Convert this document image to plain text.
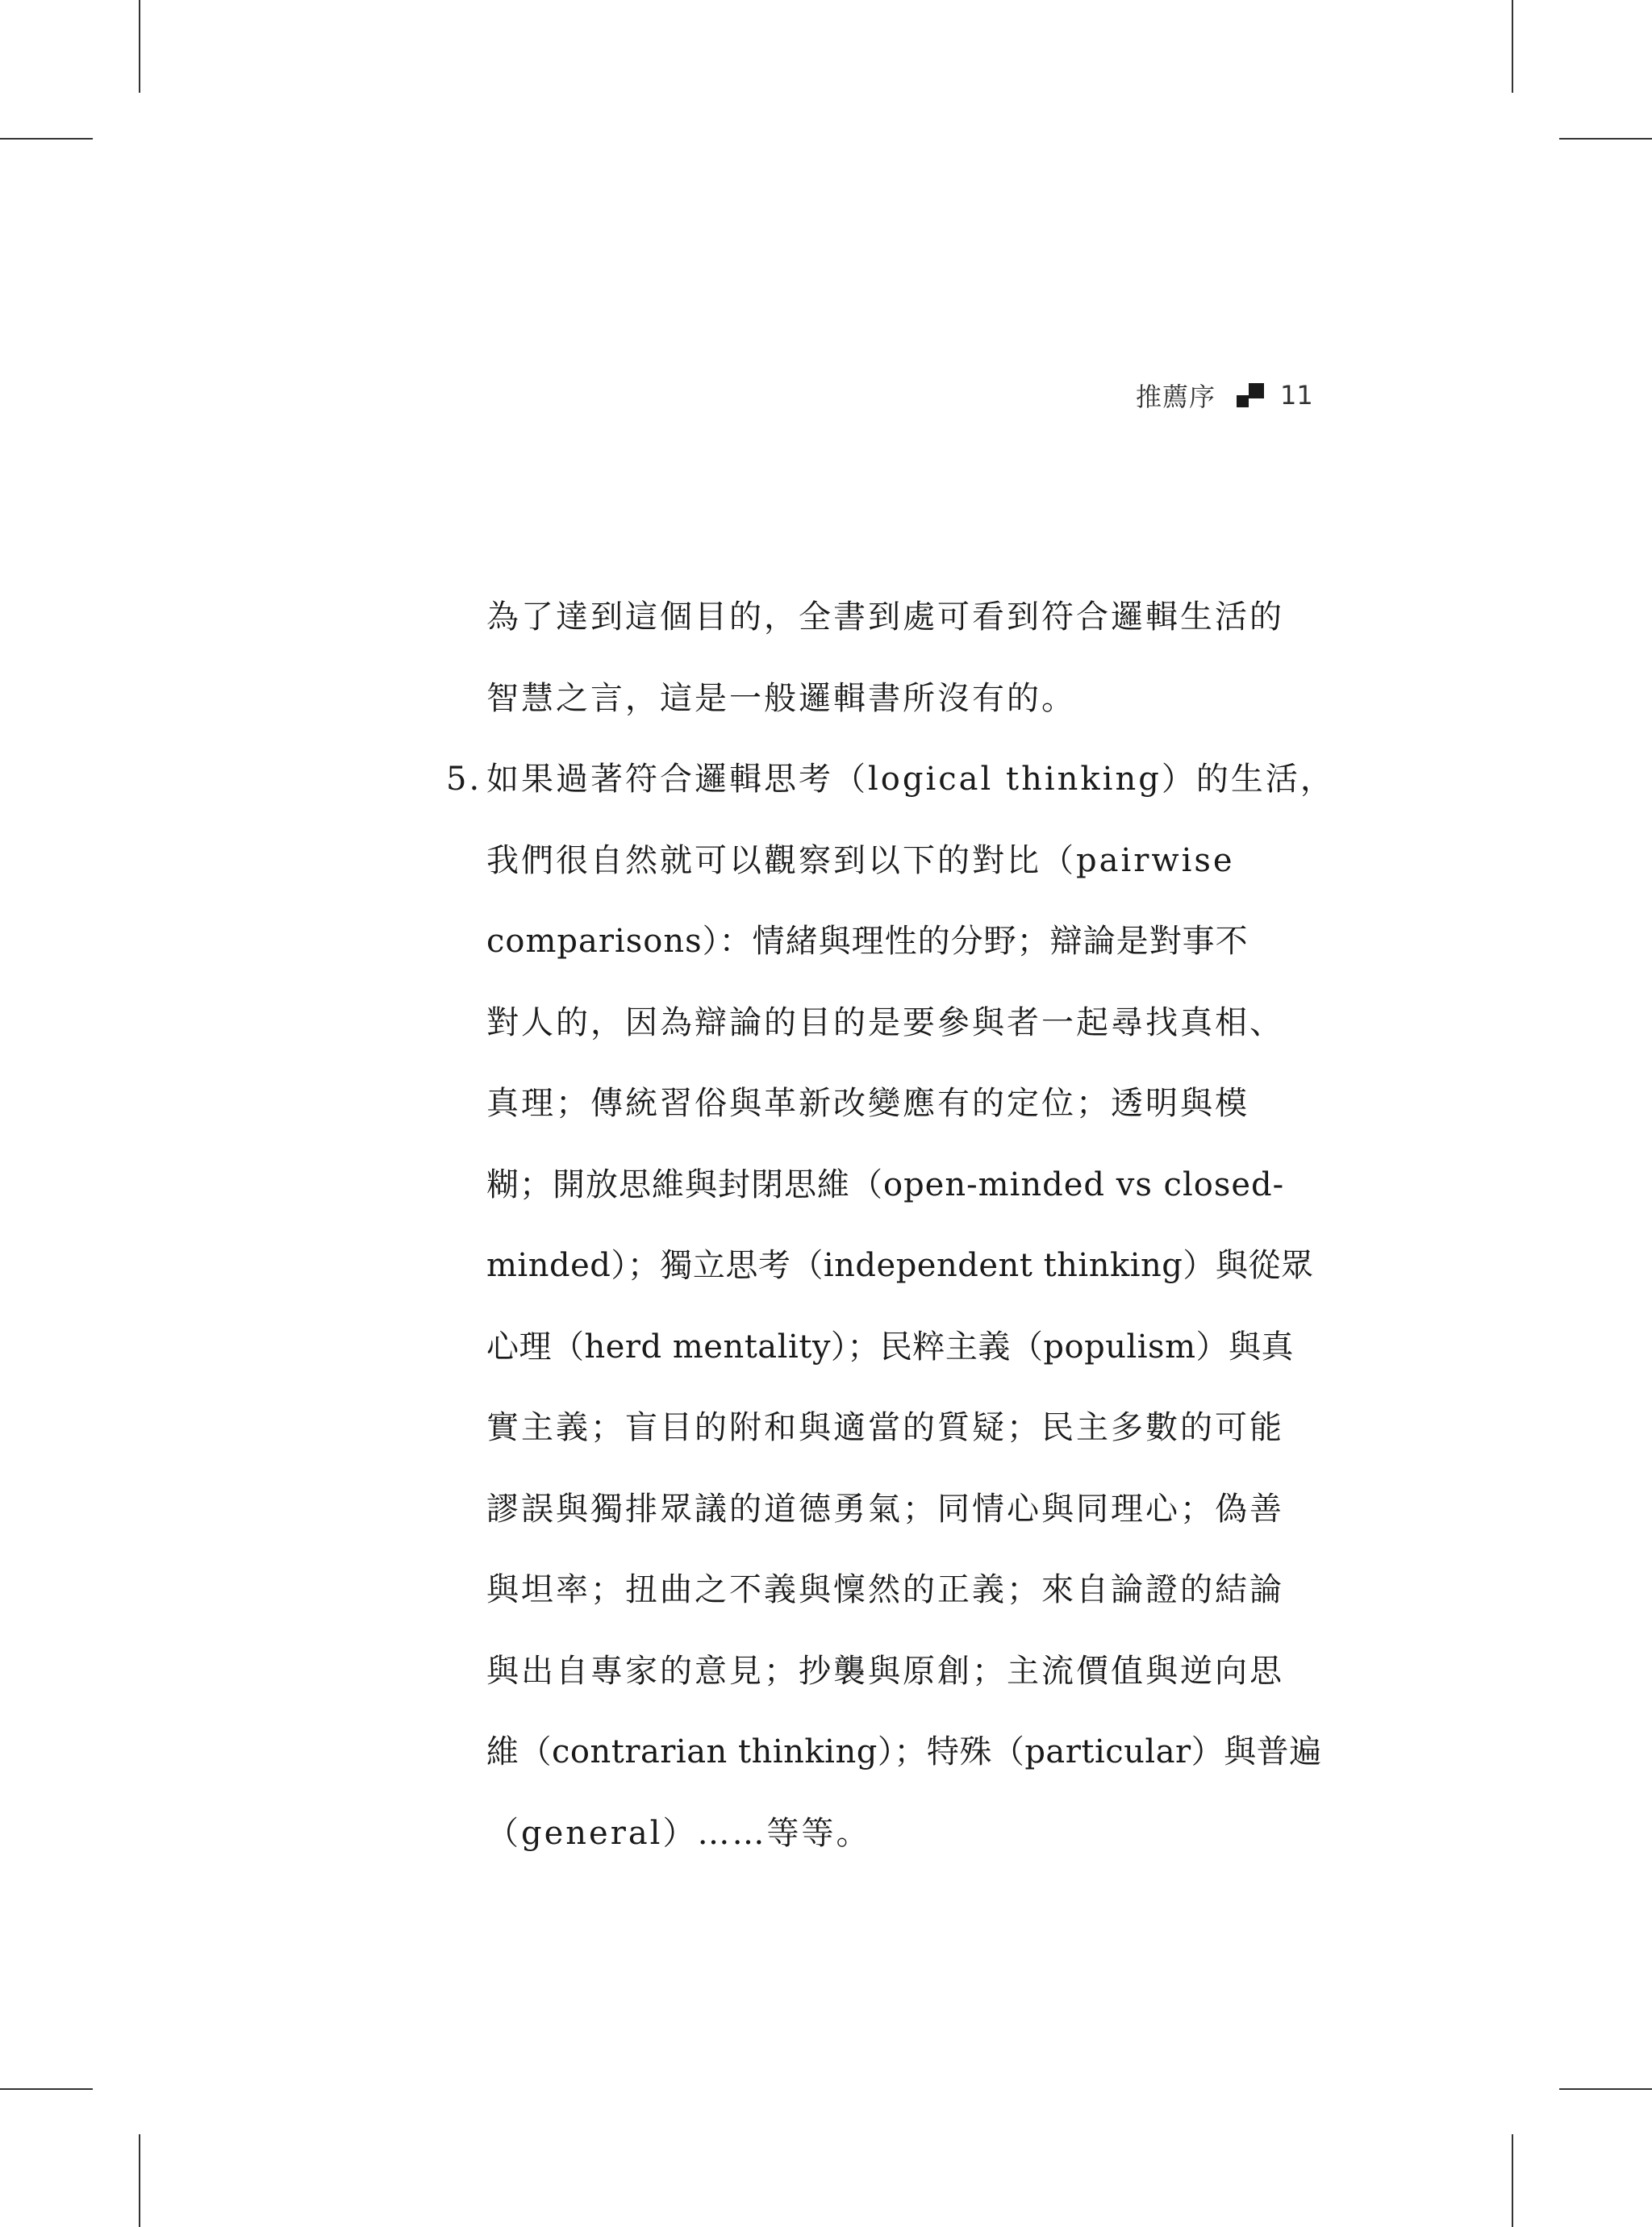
推薦序	11
為了達到這個目的，全書到處可看到符合邏輯生活的
智慧之言，這是一般邏輯書所沒有的。
5. 如果過著符合邏輯思考（logical thinking）的生活，
我們很自然就可以觀察到以下的對比（pairwise
comparisons）：情緒與理性的分野；辯論是對事不
對人的，因為辯論的目的是要參與者一起尋找真相、
真理；傳統習俗與革新改變應有的定位；透明與模
糊；開放思維與封閉思維（open-minded vs closed-
minded）；獨立思考（independent thinking）與從眾
心理（herd mentality）；民粹主義（populism）與真
實主義；盲目的附和與適當的質疑；民主多數的可能
謬誤與獨排眾議的道德勇氣；同情心與同理心；偽善
與坦率；扭曲之不義與懍然的正義；來自論證的結論
與出自專家的意見；抄襲與原創；主流價值與逆向思
維（contrarian thinking）；特殊（particular）與普遍
（general）……等等。
